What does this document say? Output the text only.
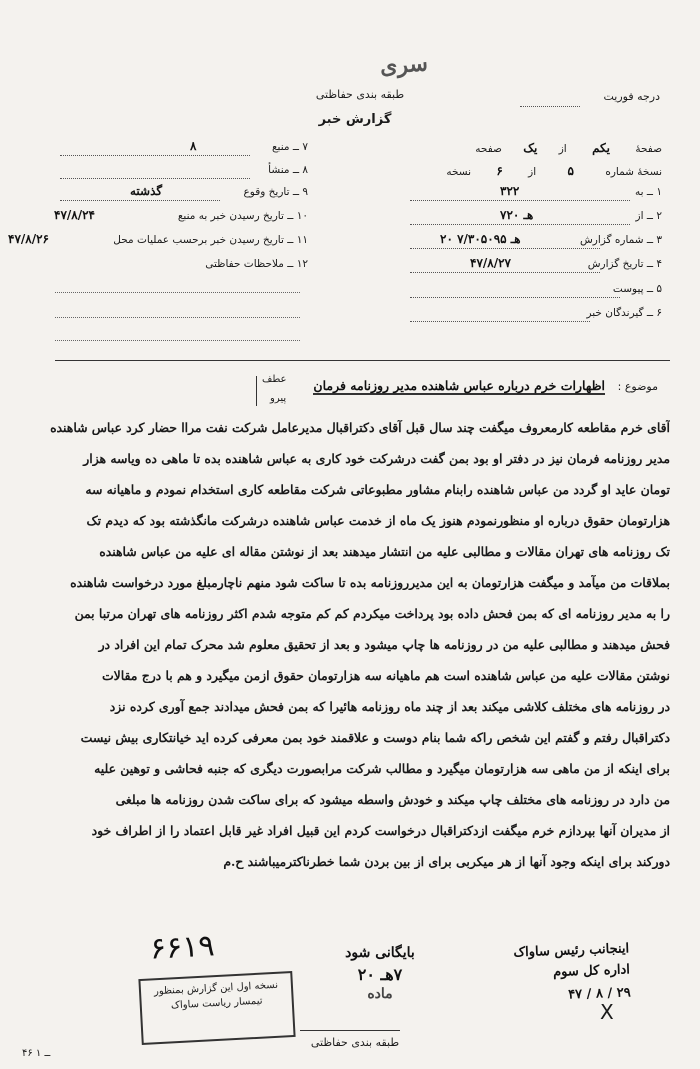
سری
طبقه بندی حفاظتی
گزارش خبر
درجه فوریت
صفحهٔ یکم از یک صفحه
نسخهٔ شماره ۵ از ۶ نسخه
۱ ــ به
۳۲۲
۲ ــ از
۷هـ ۲۰
۳ ــ شماره گزارش
۲۰ هـ ۷/۳۰۵۰۹۵
۴ ــ تاریخ گزارش
۴۷/۸/۲۷
۵ ــ پیوست
۶ ــ گیرندگان خبر
۷ ــ منبع
۸
۸ ــ منشأ
۹ ــ تاریخ وقوع
گذشته
۱۰ ــ تاریخ رسیدن خبر به منبع
۴۷/۸/۲۴
۱۱ ــ تاریخ رسیدن خبر برحسب عملیات محل
۴۷/۸/۲۶
۱۲ ــ ملاحظات حفاظتی
موضوع :
اظهارات خرم درباره عباس شاهنده مدیر روزنامه فرمان
عطف
پیرو
آقای خرم مقاطعه کارمعروف میگفت چند سال قبل آقای دکتراقبال مدیرعامل شرکت نفت مراا حضار کرد عباس شاهنده
مدیر روزنامه فرمان نیز در دفتر او بود بمن گفت درشرکت خود کاری به عباس شاهنده بده تا ماهی ده ویاسه هزار
تومان عاید او گردد من عباس شاهنده رابنام مشاور مطبوعاتی شرکت مقاطعه کاری استخدام نمودم و ماهیانه سه
هزارتومان حقوق درباره او منظورنمودم هنوز یک ماه از خدمت عباس شاهنده درشرکت مانگذشته بود که دیدم تک
تک روزنامه های تهران مقالات و مطالبی علیه من انتشار میدهند بعد از نوشتن مقاله ای علیه من عباس شاهنده
بملاقات من میآمد و میگفت هزارتومان به این مدیرروزنامه بده تا ساکت شود منهم ناچارمبلغ مورد درخواست شاهنده
را به مدیر روزنامه ای که بمن فحش داده بود پرداخت میکردم کم کم متوجه شدم اکثر روزنامه های تهران مرتبا بمن
فحش میدهند و مطالبی علیه من در روزنامه ها چاپ میشود و بعد از تحقیق معلوم شد محرک تمام این افراد در
نوشتن مقالات علیه من عباس شاهنده است هم ماهیانه سه هزارتومان حقوق ازمن میگیرد و هم با درج مقالات
در روزنامه های مختلف کلاشی میکند بعد از چند ماه روزنامه هائیرا که بمن فحش میدادند جمع آوری کرده نزد
دکتراقبال رفتم و گفتم این شخص راکه شما بنام دوست و علاقمند خود بمن معرفی کرده اید خیانتکاری بیش نیست
برای اینکه از من ماهی سه هزارتومان میگیرد و مطالب شرکت مرابصورت دیگری که جنبه فحاشی و توهین علیه
من دارد در روزنامه های مختلف چاپ میکند و خودش واسطه میشود که برای ساکت شدن روزنامه ها مبلغی
از مدیران آنها بپردازم خرم میگفت ازدکتراقبال درخواست کردم این قبیل افراد غیر قابل اعتماد را از اطراف خود
دورکند برای اینکه وجود آنها از هر میکربی برای از بین بردن شما خطرناکترمیباشند ح.م
۶۶۱۹
نسخه اول این گزارش بمنظور
تیمسار ریاست ساواک
بایگانی شود
۷هـ ۲۰
ماده
اینجانب رئیس ساواک
اداره کل سوم
۲۹ / ۸ / ۴۷
X
طبقه بندی حفاظتی
۴۶ ــ ۱
